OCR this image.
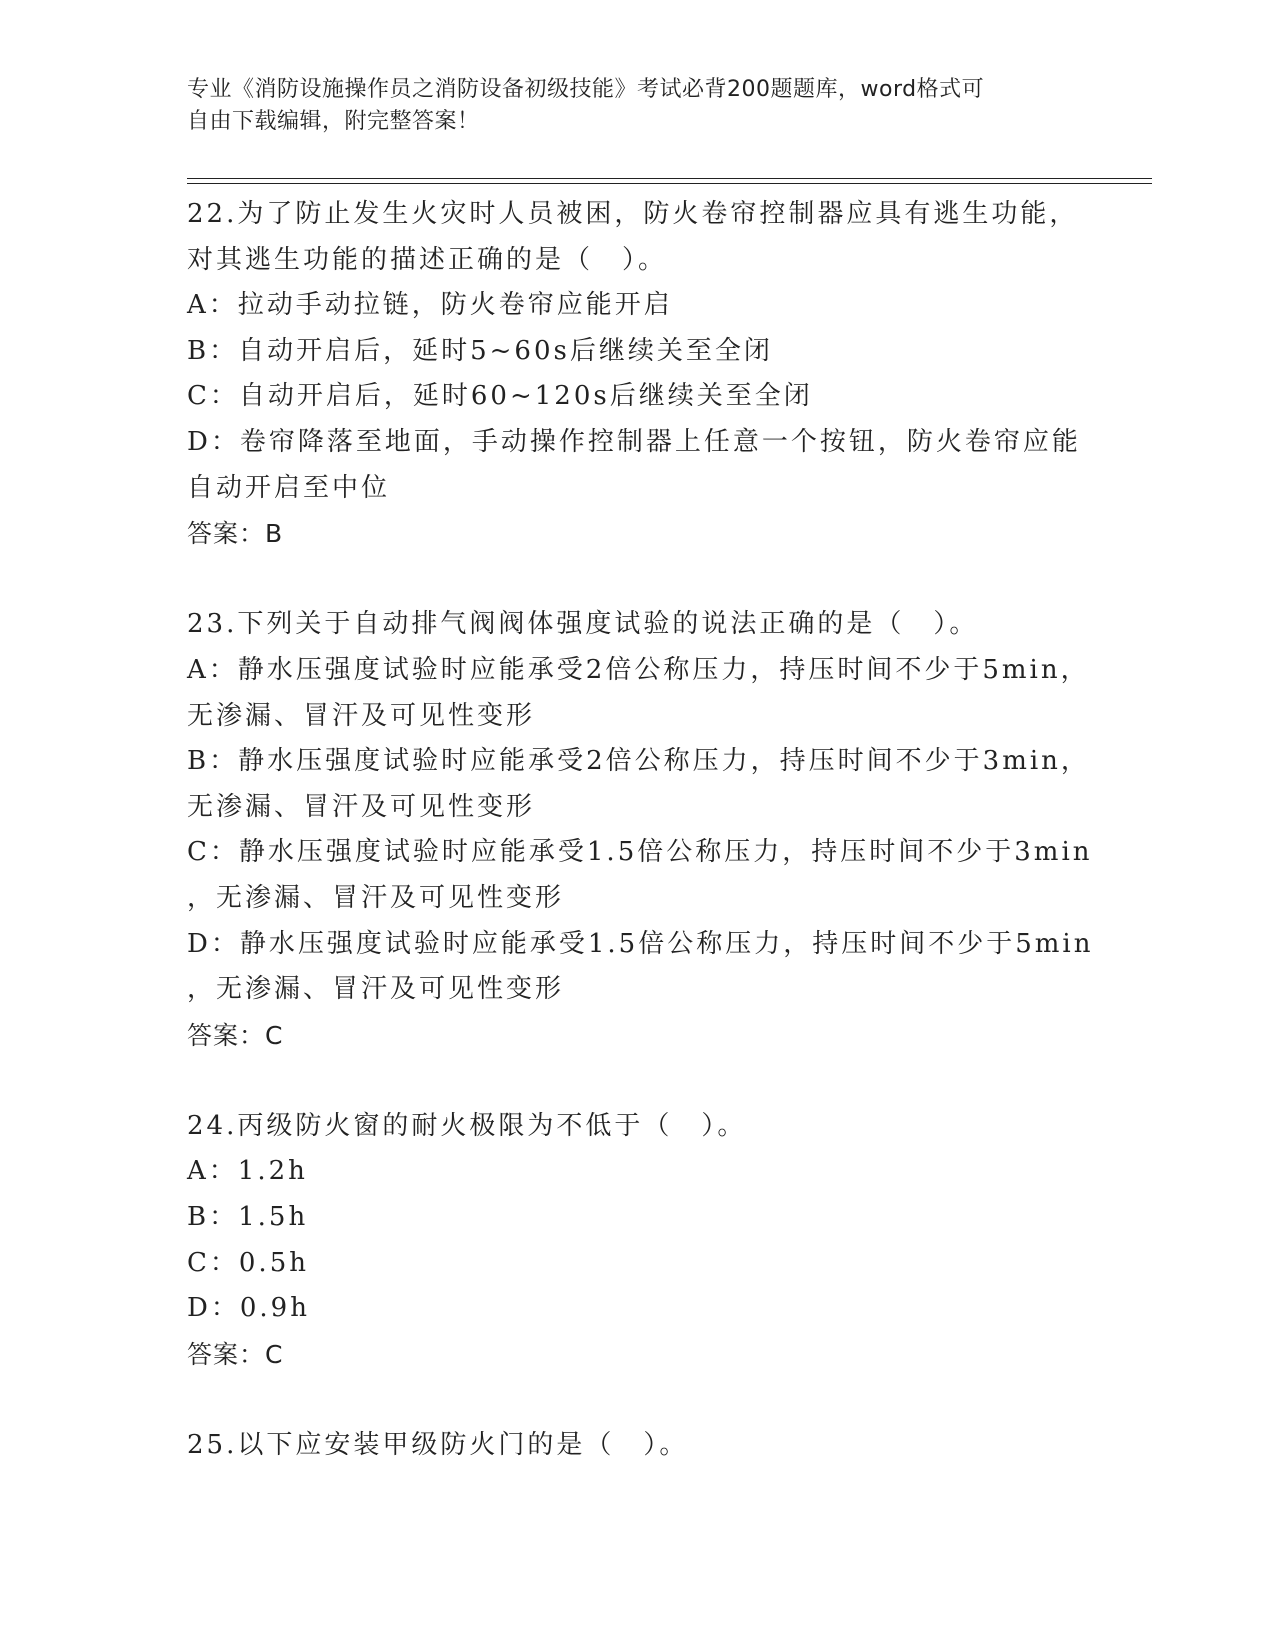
专业《消防设施操作员之消防设备初级技能》考试必背200题题库，word格式可
自由下载编辑，附完整答案！
22.为了防止发生火灾时人员被困，防火卷帘控制器应具有逃生功能，
对其逃生功能的描述正确的是（　）。
A：拉动手动拉链，防火卷帘应能开启
B：自动开启后，延时5~60s后继续关至全闭
C：自动开启后，延时60~120s后继续关至全闭
D：卷帘降落至地面，手动操作控制器上任意一个按钮，防火卷帘应能
自动开启至中位
答案：B
23.下列关于自动排气阀阀体强度试验的说法正确的是（　）。
A：静水压强度试验时应能承受2倍公称压力，持压时间不少于5min，
无渗漏、冒汗及可见性变形
B：静水压强度试验时应能承受2倍公称压力，持压时间不少于3min，
无渗漏、冒汗及可见性变形
C：静水压强度试验时应能承受1.5倍公称压力，持压时间不少于3min
，无渗漏、冒汗及可见性变形
D：静水压强度试验时应能承受1.5倍公称压力，持压时间不少于5min
，无渗漏、冒汗及可见性变形
答案：C
24.丙级防火窗的耐火极限为不低于（　）。
A：1.2h
B：1.5h
C：0.5h
D：0.9h
答案：C
25.以下应安装甲级防火门的是（　）。
